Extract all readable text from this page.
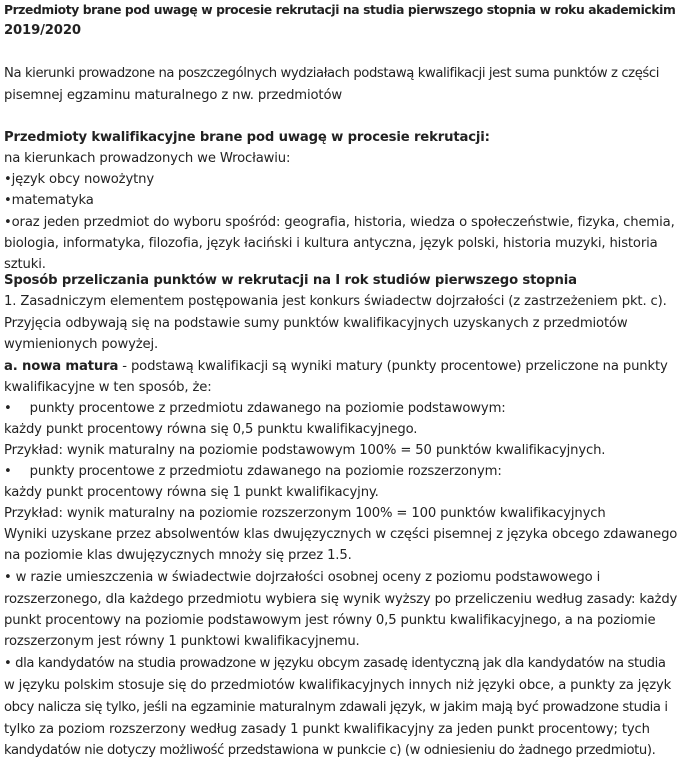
Przedmioty brane pod uwagę w procesie rekrutacji na studia pierwszego stopnia w roku akademickim
2019/2020
Na kierunki prowadzone na poszczególnych wydziałach podstawą kwalifikacji jest suma punktów z części
pisemnej egzaminu maturalnego z nw. przedmiotów
Przedmioty kwalifikacyjne brane pod uwagę w procesie rekrutacji:
na kierunkach prowadzonych we Wrocławiu:
•język obcy nowożytny
•matematyka
•oraz jeden przedmiot do wyboru spośród: geografia, historia, wiedza o społeczeństwie, fizyka, chemia,
biologia, informatyka, filozofia, język łaciński i kultura antyczna, język polski, historia muzyki, historia
sztuki.
Sposób przeliczania punktów w rekrutacji na I rok studiów pierwszego stopnia
1. Zasadniczym elementem postępowania jest konkurs świadectw dojrzałości (z zastrzeżeniem pkt. c).
Przyjęcia odbywają się na podstawie sumy punktów kwalifikacyjnych uzyskanych z przedmiotów
wymienionych powyżej.
a. nowa matura - podstawą kwalifikacji są wyniki matury (punkty procentowe) przeliczone na punkty
kwalifikacyjne w ten sposób, że:
• punkty procentowe z przedmiotu zdawanego na poziomie podstawowym:
każdy punkt procentowy równa się 0,5 punktu kwalifikacyjnego.
Przykład: wynik maturalny na poziomie podstawowym 100% = 50 punktów kwalifikacyjnych.
• punkty procentowe z przedmiotu zdawanego na poziomie rozszerzonym:
każdy punkt procentowy równa się 1 punkt kwalifikacyjny.
Przykład: wynik maturalny na poziomie rozszerzonym 100% = 100 punktów kwalifikacyjnych
Wyniki uzyskane przez absolwentów klas dwujęzycznych w części pisemnej z języka obcego zdawanego
na poziomie klas dwujęzycznych mnoży się przez 1.5.
• w razie umieszczenia w świadectwie dojrzałości osobnej oceny z poziomu podstawowego i
rozszerzonego, dla każdego przedmiotu wybiera się wynik wyższy po przeliczeniu według zasady: każdy
punkt procentowy na poziomie podstawowym jest równy 0,5 punktu kwalifikacyjnego, a na poziomie
rozszerzonym jest równy 1 punktowi kwalifikacyjnemu.
• dla kandydatów na studia prowadzone w języku obcym zasadę identyczną jak dla kandydatów na studia
w języku polskim stosuje się do przedmiotów kwalifikacyjnych innych niż języki obce, a punkty za język
obcy nalicza się tylko, jeśli na egzaminie maturalnym zdawali język, w jakim mają być prowadzone studia i
tylko za poziom rozszerzony według zasady 1 punkt kwalifikacyjny za jeden punkt procentowy; tych
kandydatów nie dotyczy możliwość przedstawiona w punkcie c) (w odniesieniu do żadnego przedmiotu).
